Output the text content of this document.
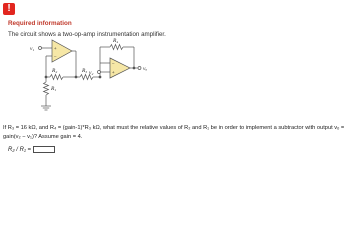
!
Required information
The circuit shows a two-op-amp instrumentation amplifier.
+
−
−
+
v₁
v₂
vₒ
R₁
R₂	R₃
R₄
If R₃ = 16 kΩ, and R₄ = (gain-1)*R₃ kΩ, what must the relative values of R₂ and R₁ be in order to implement a subtractor with output vₒ = gain(v₂ − v₁)? Assume gain = 4.
R₂ / R₁ =
